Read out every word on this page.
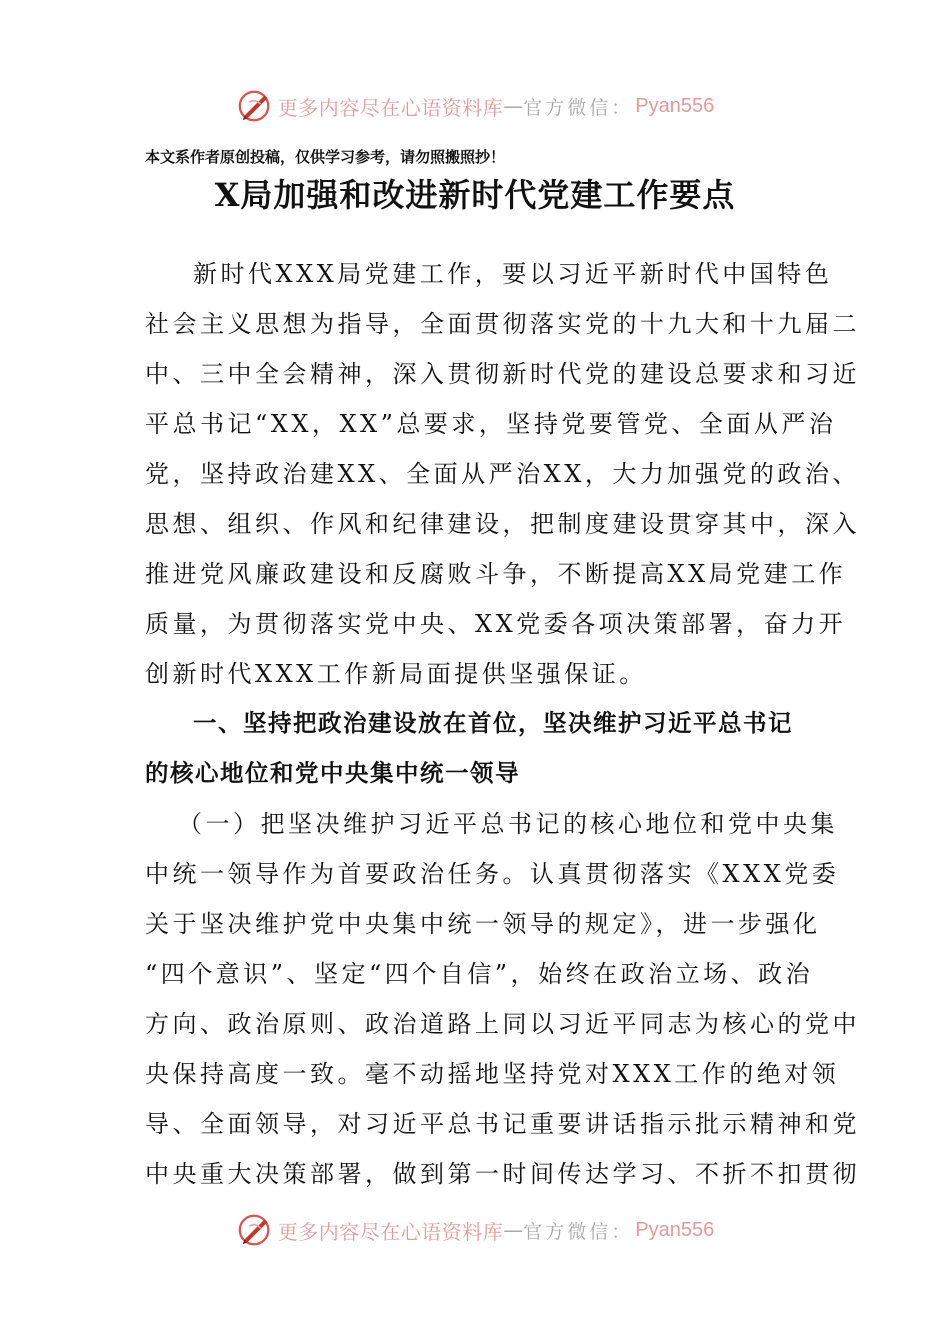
更多内容尽在心语资料库 — 官方微信： Pyan556
本文系作者原创投稿，仅供学习参考，请勿照搬照抄！
X局加强和改进新时代党建工作要点
新时代XXX局党建工作，要以习近平新时代中国特色
社会主义思想为指导，全面贯彻落实党的十九大和十九届二
中、三中全会精神，深入贯彻新时代党的建设总要求和习近
平总书记“XX，XX”总要求，坚持党要管党、全面从严治
党，坚持政治建XX、全面从严治XX，大力加强党的政治、
思想、组织、作风和纪律建设，把制度建设贯穿其中，深入
推进党风廉政建设和反腐败斗争，不断提高XX局党建工作
质量，为贯彻落实党中央、XX党委各项决策部署，奋力开
创新时代XXX工作新局面提供坚强保证。
一、坚持把政治建设放在首位，坚决维护习近平总书记
的核心地位和党中央集中统一领导
（一）把坚决维护习近平总书记的核心地位和党中央集
中统一领导作为首要政治任务。认真贯彻落实《XXX党委
关于坚决维护党中央集中统一领导的规定》，进一步强化
“四个意识”、坚定“四个自信”，始终在政治立场、政治
方向、政治原则、政治道路上同以习近平同志为核心的党中
央保持高度一致。毫不动摇地坚持党对XXX工作的绝对领
导、全面领导，对习近平总书记重要讲话指示批示精神和党
中央重大决策部署，做到第一时间传达学习、不折不扣贯彻
更多内容尽在心语资料库 — 官方微信： Pyan556
